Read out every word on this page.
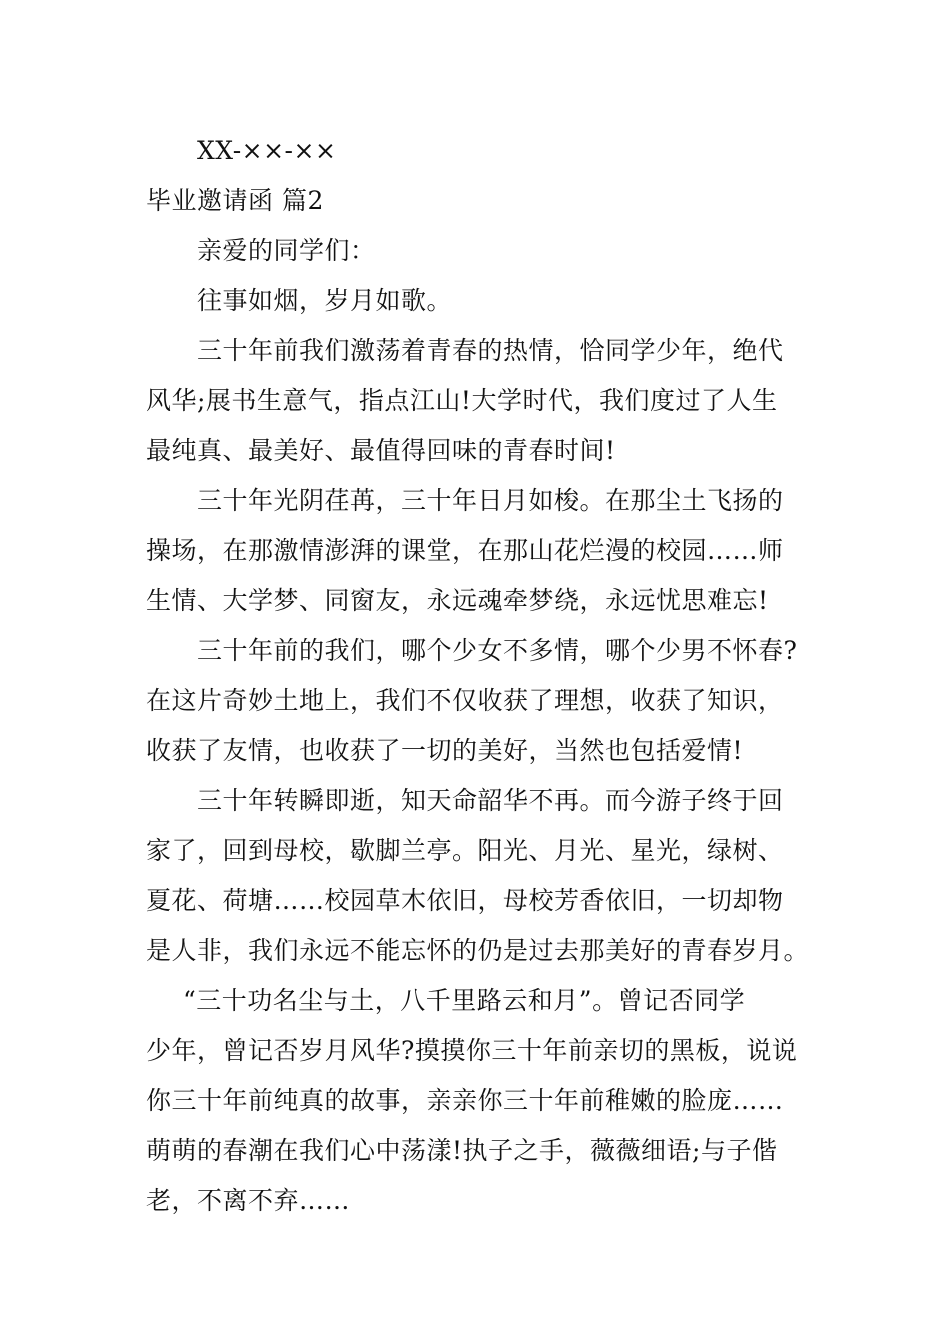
XX-××-××
毕业邀请函 篇2
亲爱的同学们：
往事如烟，岁月如歌。
三十年前我们激荡着青春的热情，恰同学少年，绝代
风华;展书生意气，指点江山!大学时代，我们度过了人生
最纯真、最美好、最值得回味的青春时间!
三十年光阴荏苒，三十年日月如梭。在那尘土飞扬的
操场，在那激情澎湃的课堂，在那山花烂漫的校园……师
生情、大学梦、同窗友，永远魂牵梦绕，永远忧思难忘!
三十年前的我们，哪个少女不多情，哪个少男不怀春?
在这片奇妙土地上，我们不仅收获了理想，收获了知识，
收获了友情，也收获了一切的美好，当然也包括爱情!
三十年转瞬即逝，知天命韶华不再。而今游子终于回
家了，回到母校，歇脚兰亭。阳光、月光、星光，绿树、
夏花、荷塘……校园草木依旧，母校芳香依旧，一切却物
是人非，我们永远不能忘怀的仍是过去那美好的青春岁月。
“三十功名尘与土，八千里路云和月”。曾记否同学
少年，曾记否岁月风华?摸摸你三十年前亲切的黑板，说说
你三十年前纯真的故事，亲亲你三十年前稚嫩的脸庞……
萌萌的春潮在我们心中荡漾!执子之手，薇薇细语;与子偕
老，不离不弃……
